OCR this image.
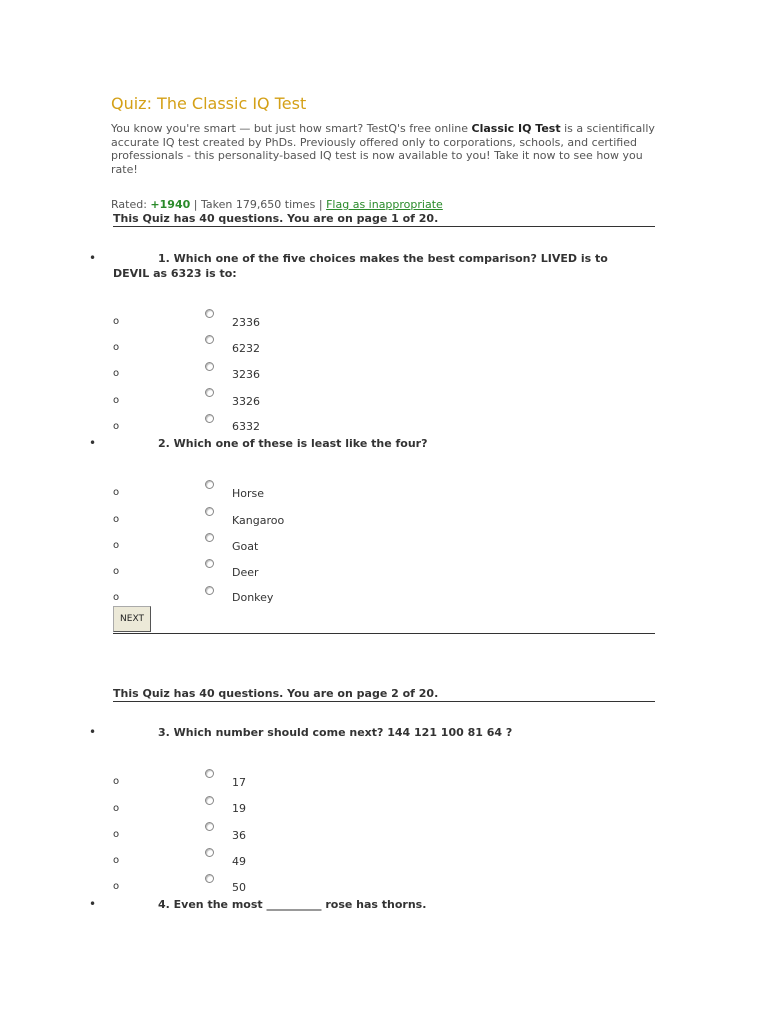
Quiz: The Classic IQ Test
You know you're smart — but just how smart? TestQ's free online Classic IQ Test is a scientifically accurate IQ test created by PhDs. Previously offered only to corporations, schools, and certified professionals - this personality-based IQ test is now available to you! Take it now to see how you rate!
Rated: +1940 | Taken 179,650 times | Flag as inappropriate
This Quiz has 40 questions. You are on page 1 of 20.
•	1. Which one of the five choices makes the best comparison? LIVED is to DEVIL as 6323 is to:
o	2336
o	6232
o	3236
o	3326
o	6332
•	2. Which one of these is least like the four?
o	Horse
o	Kangaroo
o	Goat
o	Deer
o	Donkey
NEXT
This Quiz has 40 questions. You are on page 2 of 20.
•	3. Which number should come next? 144 121 100 81 64 ?
o	17
o	19
o	36
o	49
o	50
•	4. Even the most __________ rose has thorns.
